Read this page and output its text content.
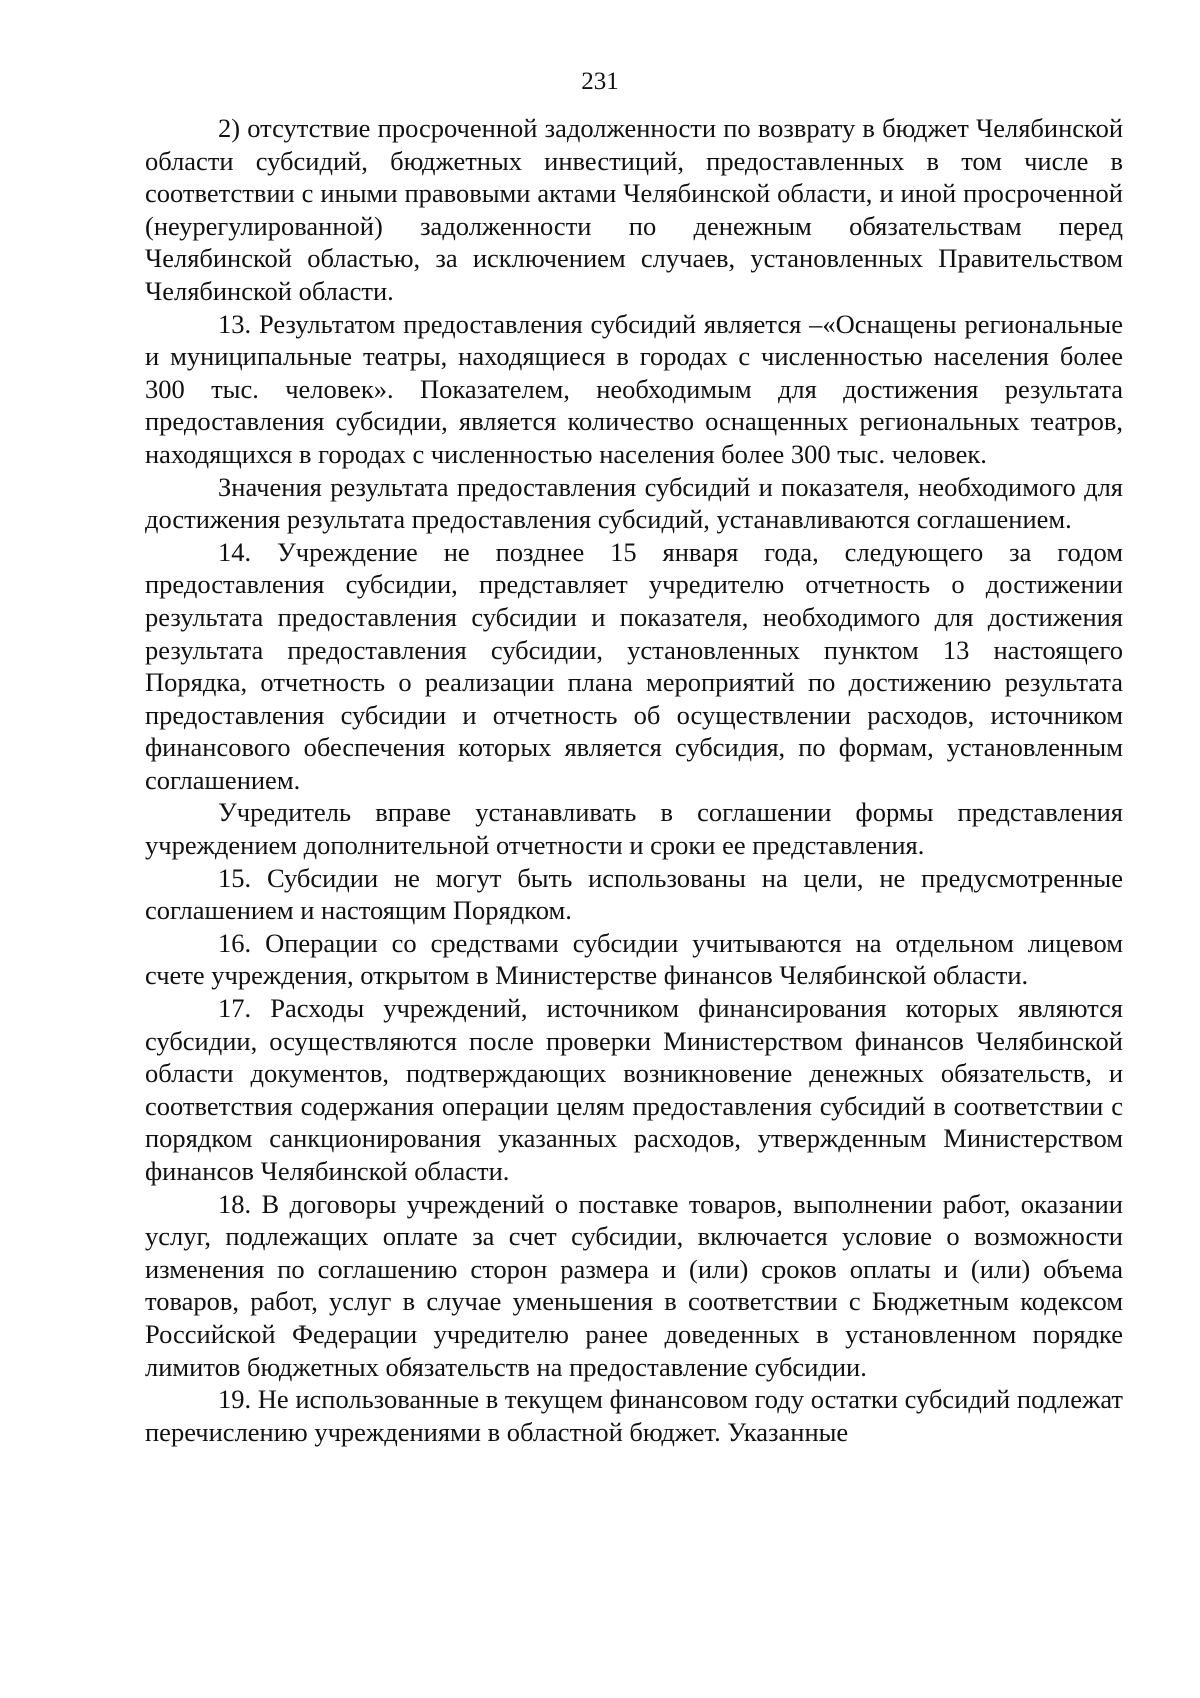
231

2) отсутствие просроченной задолженности по возврату в бюджет Челябинской области субсидий, бюджетных инвестиций, предоставленных в том числе в соответствии с иными правовыми актами Челябинской области, и иной просроченной (неурегулированной) задолженности по денежным обязательствам перед Челябинской областью, за исключением случаев, установленных Правительством Челябинской области.

13. Результатом предоставления субсидий является –«Оснащены региональные и муниципальные театры, находящиеся в городах с численностью населения более 300 тыс. человек». Показателем, необходимым для достижения результата предоставления субсидии, является количество оснащенных региональных театров, находящихся в городах с численностью населения более 300 тыс. человек.

Значения результата предоставления субсидий и показателя, необходимого для достижения результата предоставления субсидий, устанавливаются соглашением.

14. Учреждение не позднее 15 января года, следующего за годом предоставления субсидии, представляет учредителю отчетность о достижении результата предоставления субсидии и показателя, необходимого для достижения результата предоставления субсидии, установленных пунктом 13 настоящего Порядка, отчетность о реализации плана мероприятий по достижению результата предоставления субсидии и отчетность об осуществлении расходов, источником финансового обеспечения которых является субсидия, по формам, установленным соглашением.

Учредитель вправе устанавливать в соглашении формы представления учреждением дополнительной отчетности и сроки ее представления.

15. Субсидии не могут быть использованы на цели, не предусмотренные соглашением и настоящим Порядком.

16. Операции со средствами субсидии учитываются на отдельном лицевом счете учреждения, открытом в Министерстве финансов Челябинской области.

17. Расходы учреждений, источником финансирования которых являются субсидии, осуществляются после проверки Министерством финансов Челябинской области документов, подтверждающих возникновение денежных обязательств, и соответствия содержания операции целям предоставления субсидий в соответствии с порядком санкционирования указанных расходов, утвержденным Министерством финансов Челябинской области.

18. В договоры учреждений о поставке товаров, выполнении работ, оказании услуг, подлежащих оплате за счет субсидии, включается условие о возможности изменения по соглашению сторон размера и (или) сроков оплаты и (или) объема товаров, работ, услуг в случае уменьшения в соответствии с Бюджетным кодексом Российской Федерации учредителю ранее доведенных в установленном порядке лимитов бюджетных обязательств на предоставление субсидии.

19. Не использованные в текущем финансовом году остатки субсидий подлежат перечислению учреждениями в областной бюджет. Указанные
